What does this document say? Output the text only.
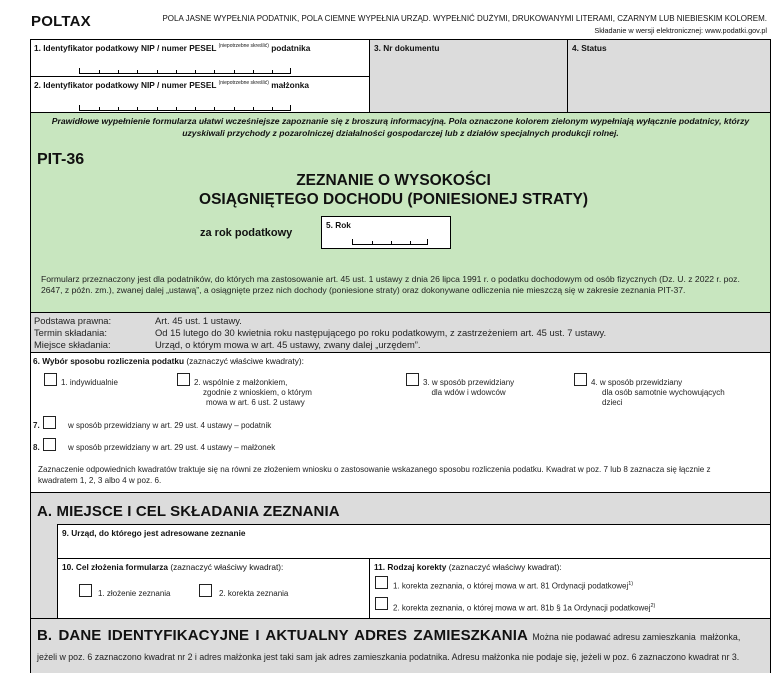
POLTAX	POLA JASNE WYPEŁNIA PODATNIK, POLA CIEMNE WYPEŁNIA URZĄD. WYPEŁNIĆ DUŻYMI, DRUKOWANYMI LITERAMI, CZARNYM LUB NIEBIESKIM KOLOREM.
Składanie w wersji elektronicznej: www.podatki.gov.pl
1. Identyfikator podatkowy NIP / numer PESEL $^{(niepotrzebne skreślić)}$ podatnika
2. Identyfikator podatkowy NIP / numer PESEL $^{(niepotrzebne skreślić)}$ małżonka
3. Nr dokumentu	4. Status
Prawidłowe wypełnienie formularza ułatwi wcześniejsze zapoznanie się z broszurą informacyjną. Pola oznaczone kolorem zielonym wypełniają wyłącznie podatnicy, którzy uzyskiwali przychody z pozarolniczej działalności gospodarczej lub z działów specjalnych produkcji rolnej.
PIT-36
ZEZNANIE O WYSOKOŚCI
OSIĄGNIĘTEGO DOCHODU (PONIESIONEJ STRATY)
za rok podatkowy
5. Rok
Formularz przeznaczony jest dla podatników, do których ma zastosowanie art. 45 ust. 1 ustawy z dnia 26 lipca 1991 r. o podatku dochodowym od osób fizycznych (Dz. U. z 2022 r. poz. 2647, z późn. zm.), zwanej dalej „ustawą”, a osiągnięte przez nich dochody (poniesione straty) oraz dokonywane odliczenia nie mieszczą się w zakresie zeznania PIT-37.
Podstawa prawna:	Art. 45 ust. 1 ustawy.
Termin składania:	Od 15 lutego do 30 kwietnia roku następującego po roku podatkowym, z zastrzeżeniem art. 45 ust. 7 ustawy.
Miejsce składania:	Urząd, o którym mowa w art. 45 ustawy, zwany dalej „urzędem”.
6. Wybór sposobu rozliczenia podatku (zaznaczyć właściwe kwadraty):
1. indywidualnie	2. wspólnie z małżonkiem,
zgodnie z wnioskiem, o którym
mowa w art. 6 ust. 2 ustawy
3. w sposób przewidziany
dla wdów i wdowców
4. w sposób przewidziany
dla osób samotnie wychowujących
dzieci
7.	w sposób przewidziany w art. 29 ust. 4 ustawy – podatnik
8.	w sposób przewidziany w art. 29 ust. 4 ustawy – małżonek
Zaznaczenie odpowiednich kwadratów traktuje się na równi ze złożeniem wniosku o zastosowanie wskazanego sposobu rozliczenia podatku. Kwadrat w poz. 7 lub 8 zaznacza się łącznie z kwadratem 1, 2, 3 albo 4 w poz. 6.
A. MIEJSCE I CEL SKŁADANIA ZEZNANIA
9. Urząd, do którego jest adresowane zeznanie
10. Cel złożenia formularza (zaznaczyć właściwy kwadrat):
1. złożenie zeznania	2. korekta zeznania
11. Rodzaj korekty (zaznaczyć właściwy kwadrat):
1. korekta zeznania, o której mowa w art. 81 Ordynacji podatkowej$^{1)}$
2. korekta zeznania, o której mowa w art. 81b § 1a Ordynacji podatkowej$^{2)}$
B. DANE IDENTYFIKACYJNE I AKTUALNY ADRES ZAMIESZKANIA Można nie podawać adresu zamieszkania małżonka, jeżeli w poz. 6 zaznaczono kwadrat nr 2 i adres małżonka jest taki sam jak adres zamieszkania podatnika. Adresu małżonka nie podaje się, jeżeli w poz. 6 zaznaczono kwadrat nr 3.
